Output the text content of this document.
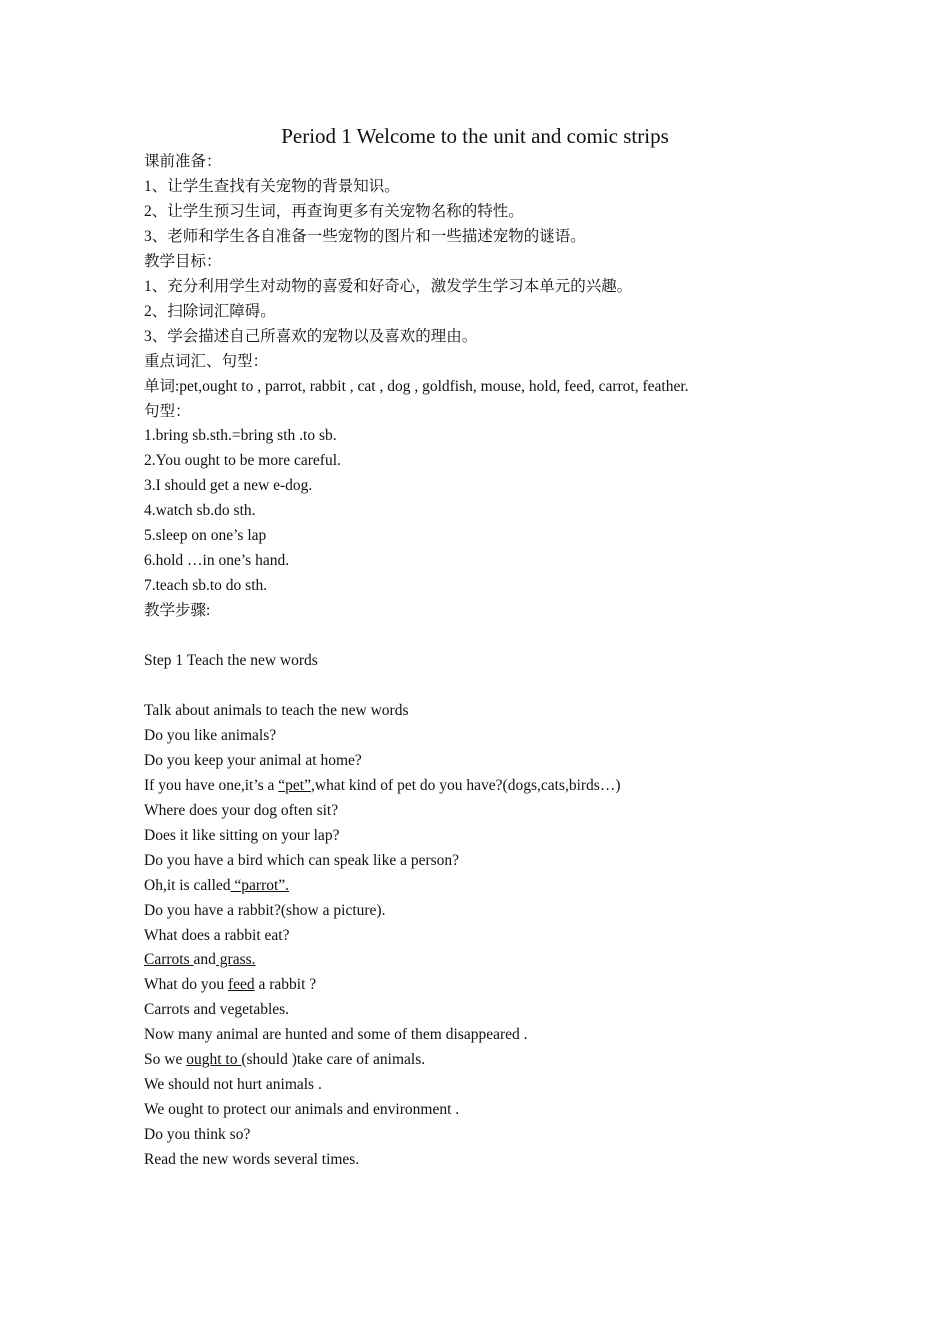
Period 1 Welcome to the unit and comic strips
课前准备：
1、让学生查找有关宠物的背景知识。
2、让学生预习生词，再查询更多有关宠物名称的特性。
3、老师和学生各自准备一些宠物的图片和一些描述宠物的谜语。
教学目标：
1、充分利用学生对动物的喜爱和好奇心，激发学生学习本单元的兴趣。
2、扫除词汇障碍。
3、学会描述自己所喜欢的宠物以及喜欢的理由。
重点词汇、句型：
单词:pet,ought to , parrot, rabbit , cat , dog , goldfish, mouse, hold, feed, carrot, feather.
句型：
1.bring sb.sth.=bring sth .to sb.
2.You ought to be more careful.
3.I should get a new e-dog.
4.watch sb.do sth.
5.sleep on one’s lap
6.hold …in one’s hand.
7.teach sb.to do sth.
教学步骤:
Step 1 Teach the new words
Talk about animals to teach the new words
Do you like animals?
Do you keep your animal at home?
If you have one,it’s a “pet”,what kind of pet do you have?(dogs,cats,birds…)
Where does your dog often sit?
Does it like sitting on your lap?
Do you have a bird which can speak like a person?
Oh,it is called “parrot”.
Do you have a rabbit?(show a picture).
What does a rabbit eat?
Carrots and grass.
What do you feed a rabbit ?
Carrots and vegetables.
Now many animal are hunted and some of them disappeared .
So we ought to (should )take care of animals.
We should not hurt animals .
We ought to protect our animals and environment .
Do you think so?
Read the new words several times.
